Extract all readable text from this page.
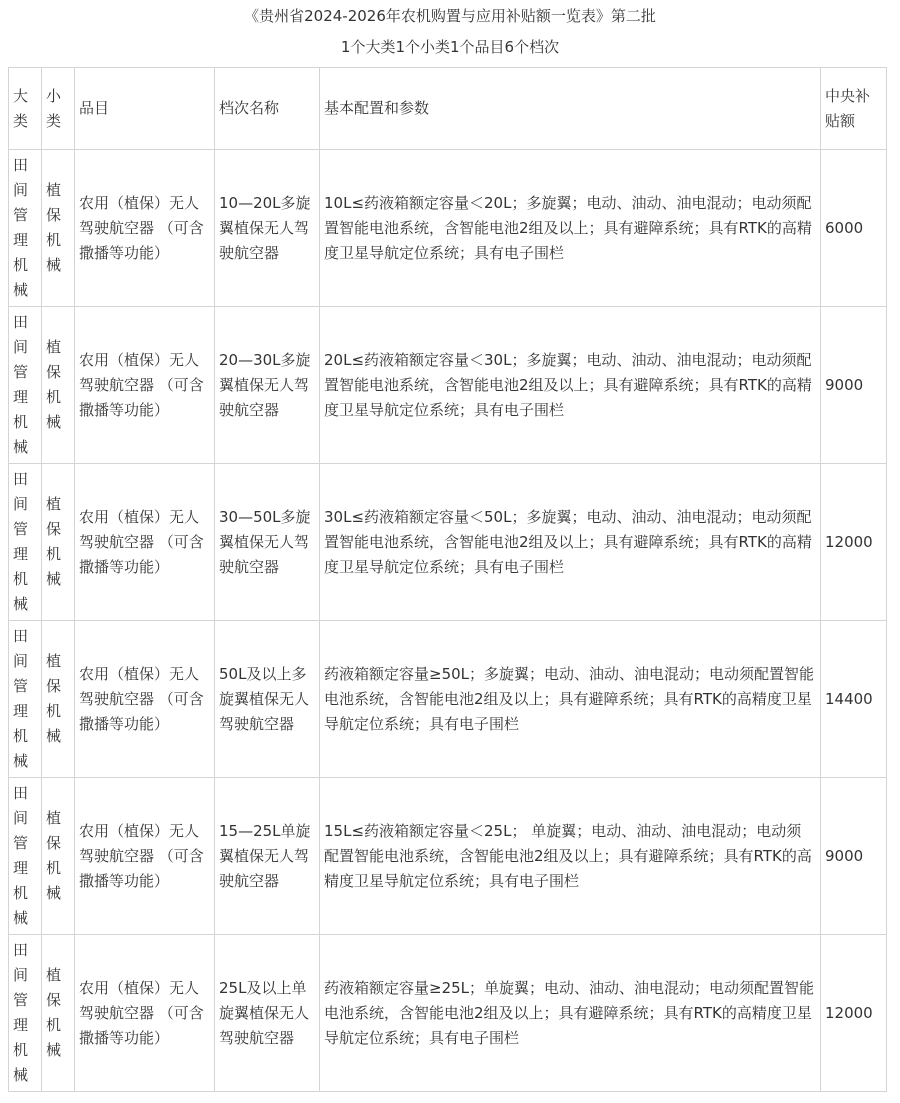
《贵州省2024-2026年农机购置与应用补贴额一览表》第二批
1个大类1个小类1个品目6个档次
大类	小类	品目	档次名称	基本配置和参数	中央补贴额
田间管理机械	植保机械	农用（植保）无人驾驶航空器 （可含撒播等功能）	10—20L多旋翼植保无人驾驶航空器	10L≤药液箱额定容量＜20L；多旋翼；电动、油动、油电混动；电动须配置智能电池系统，含智能电池2组及以上；具有避障系统；具有RTK的高精度卫星导航定位系统；具有电子围栏	6000
田间管理机械	植保机械	农用（植保）无人驾驶航空器 （可含撒播等功能）	20—30L多旋翼植保无人驾驶航空器	20L≤药液箱额定容量＜30L；多旋翼；电动、油动、油电混动；电动须配置智能电池系统，含智能电池2组及以上；具有避障系统；具有RTK的高精度卫星导航定位系统；具有电子围栏	9000
田间管理机械	植保机械	农用（植保）无人驾驶航空器 （可含撒播等功能）	30—50L多旋翼植保无人驾驶航空器	30L≤药液箱额定容量＜50L；多旋翼；电动、油动、油电混动；电动须配置智能电池系统，含智能电池2组及以上；具有避障系统；具有RTK的高精度卫星导航定位系统；具有电子围栏	12000
田间管理机械	植保机械	农用（植保）无人驾驶航空器 （可含撒播等功能）	50L及以上多旋翼植保无人驾驶航空器	药液箱额定容量≥50L；多旋翼；电动、油动、油电混动；电动须配置智能电池系统，含智能电池2组及以上；具有避障系统；具有RTK的高精度卫星导航定位系统；具有电子围栏	14400
田间管理机械	植保机械	农用（植保）无人驾驶航空器 （可含撒播等功能）	15—25L单旋翼植保无人驾驶航空器	15L≤药液箱额定容量＜25L； 单旋翼；电动、油动、油电混动；电动须配置智能电池系统，含智能电池2组及以上；具有避障系统；具有RTK的高精度卫星导航定位系统；具有电子围栏	9000
田间管理机械	植保机械	农用（植保）无人驾驶航空器 （可含撒播等功能）	25L及以上单旋翼植保无人驾驶航空器	药液箱额定容量≥25L；单旋翼；电动、油动、油电混动；电动须配置智能电池系统，含智能电池2组及以上；具有避障系统；具有RTK的高精度卫星导航定位系统；具有电子围栏	12000
